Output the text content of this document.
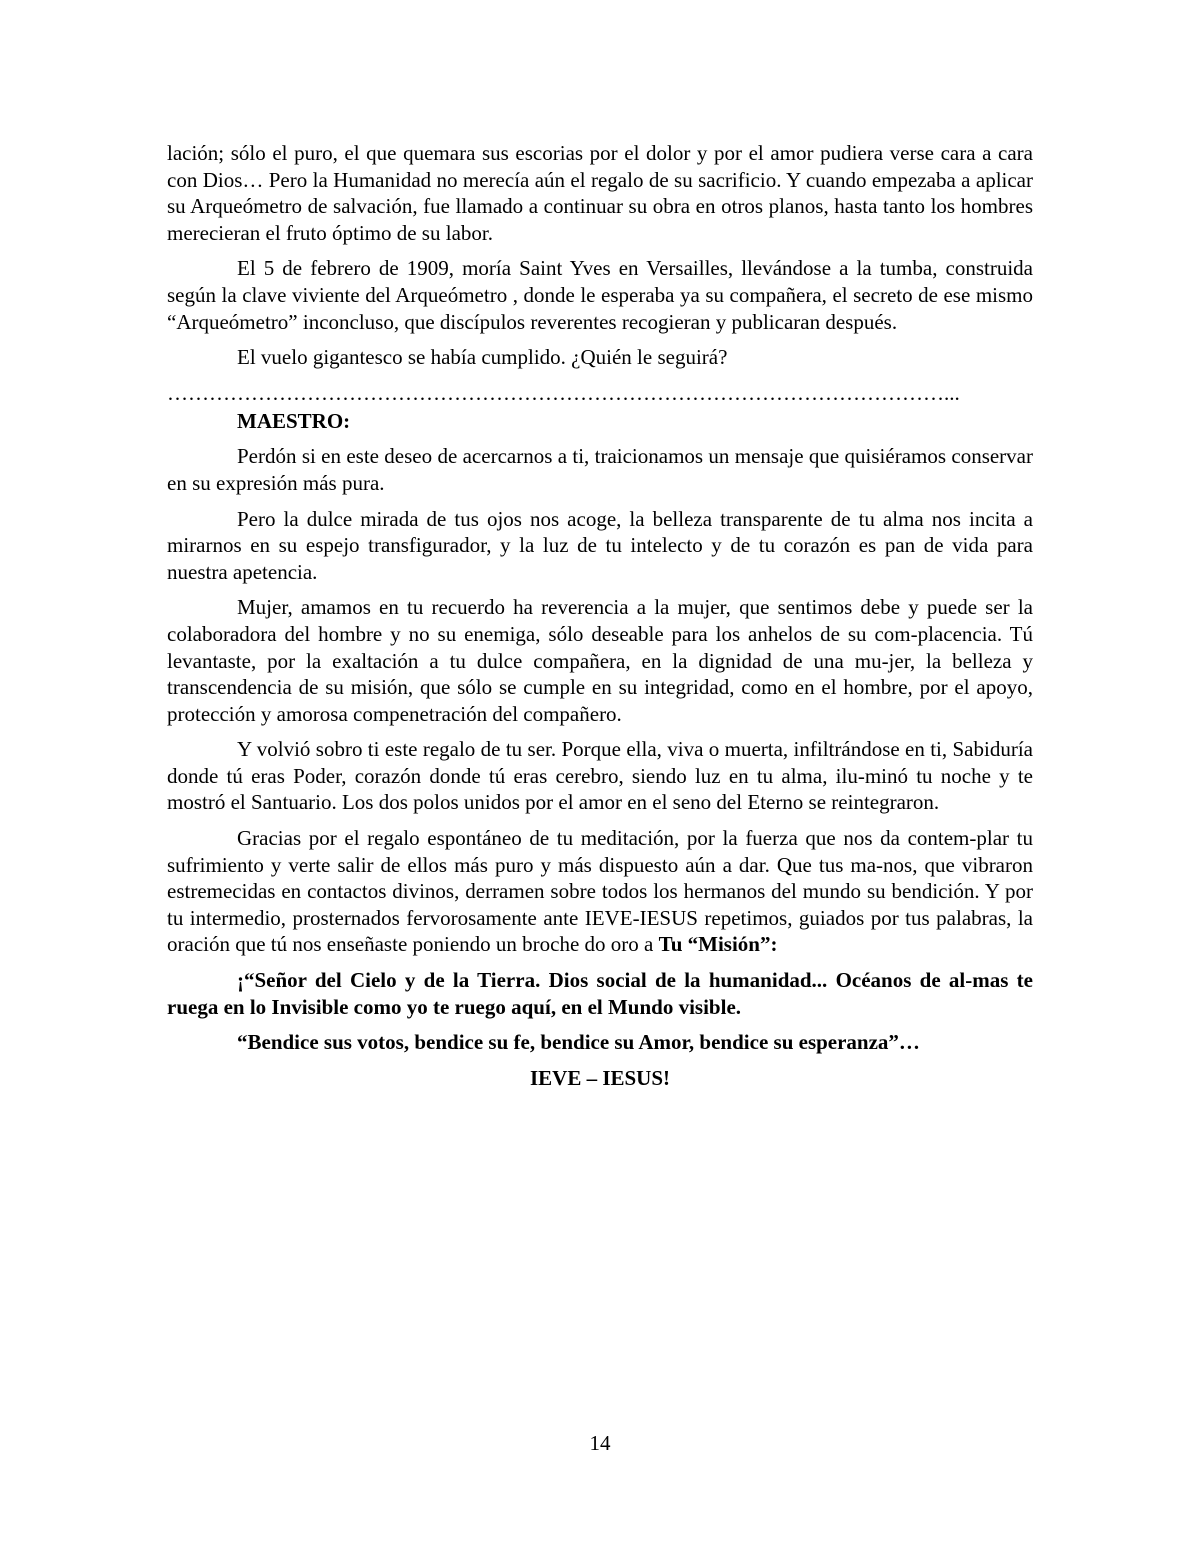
lación; sólo el puro, el que quemara sus escorias por el dolor y por el amor pudiera verse cara a cara con Dios… Pero la Humanidad no merecía aún el regalo de su sacrificio. Y cuando empezaba a aplicar su Arqueómetro de salvación, fue llamado a continuar su obra en otros planos, hasta tanto los hombres merecieran el fruto óptimo de su labor.

El 5 de febrero de 1909, moría Saint Yves en Versailles, llevándose a la tumba, construida según la clave viviente del Arqueómetro , donde le esperaba ya su compañera, el secreto de ese mismo “Arqueómetro” inconcluso, que discípulos reverentes recogieran y publicaran después.

El vuelo gigantesco se había cumplido. ¿Quién le seguirá?

…………………………………………………………………………………………………...

MAESTRO:

Perdón si en este deseo de acercarnos a ti, traicionamos un mensaje que quisiéramos conservar en su expresión más pura.

Pero la dulce mirada de tus ojos nos acoge, la belleza transparente de tu alma nos incita a mirarnos en su espejo transfigurador, y la luz de tu intelecto y de tu corazón es pan de vida para nuestra apetencia.

Mujer, amamos en tu recuerdo ha reverencia a la mujer, que sentimos debe y puede ser la colaboradora del hombre y no su enemiga, sólo deseable para los anhelos de su com-placencia. Tú levantaste, por la exaltación a tu dulce compañera, en la dignidad de una mu-jer, la belleza y transcendencia de su misión, que sólo se cumple en su integridad, como en el hombre, por el apoyo, protección y amorosa compenetración del compañero.

Y volvió sobro ti este regalo de tu ser. Porque ella, viva o muerta, infiltrándose en ti, Sabiduría donde tú eras Poder, corazón donde tú eras cerebro, siendo luz en tu alma, ilu-minó tu noche y te mostró el Santuario. Los dos polos unidos por el amor en el seno del Eterno se reintegraron.

Gracias por el regalo espontáneo de tu meditación, por la fuerza que nos da contem-plar tu sufrimiento y verte salir de ellos más puro y más dispuesto aún a dar. Que tus ma-nos, que vibraron estremecidas en contactos divinos, derramen sobre todos los hermanos del mundo su bendición. Y por tu intermedio, prosternados fervorosamente ante IEVE-IESUS repetimos, guiados por tus palabras, la oración que tú nos enseñaste poniendo un broche do oro a Tu “Misión”:

¡“Señor del Cielo y de la Tierra. Dios social de la humanidad... Océanos de al-mas te ruega en lo Invisible como yo te ruego aquí, en el Mundo visible.

“Bendice sus votos, bendice su fe, bendice su Amor, bendice su esperanza”…

IEVE – IESUS!

14
